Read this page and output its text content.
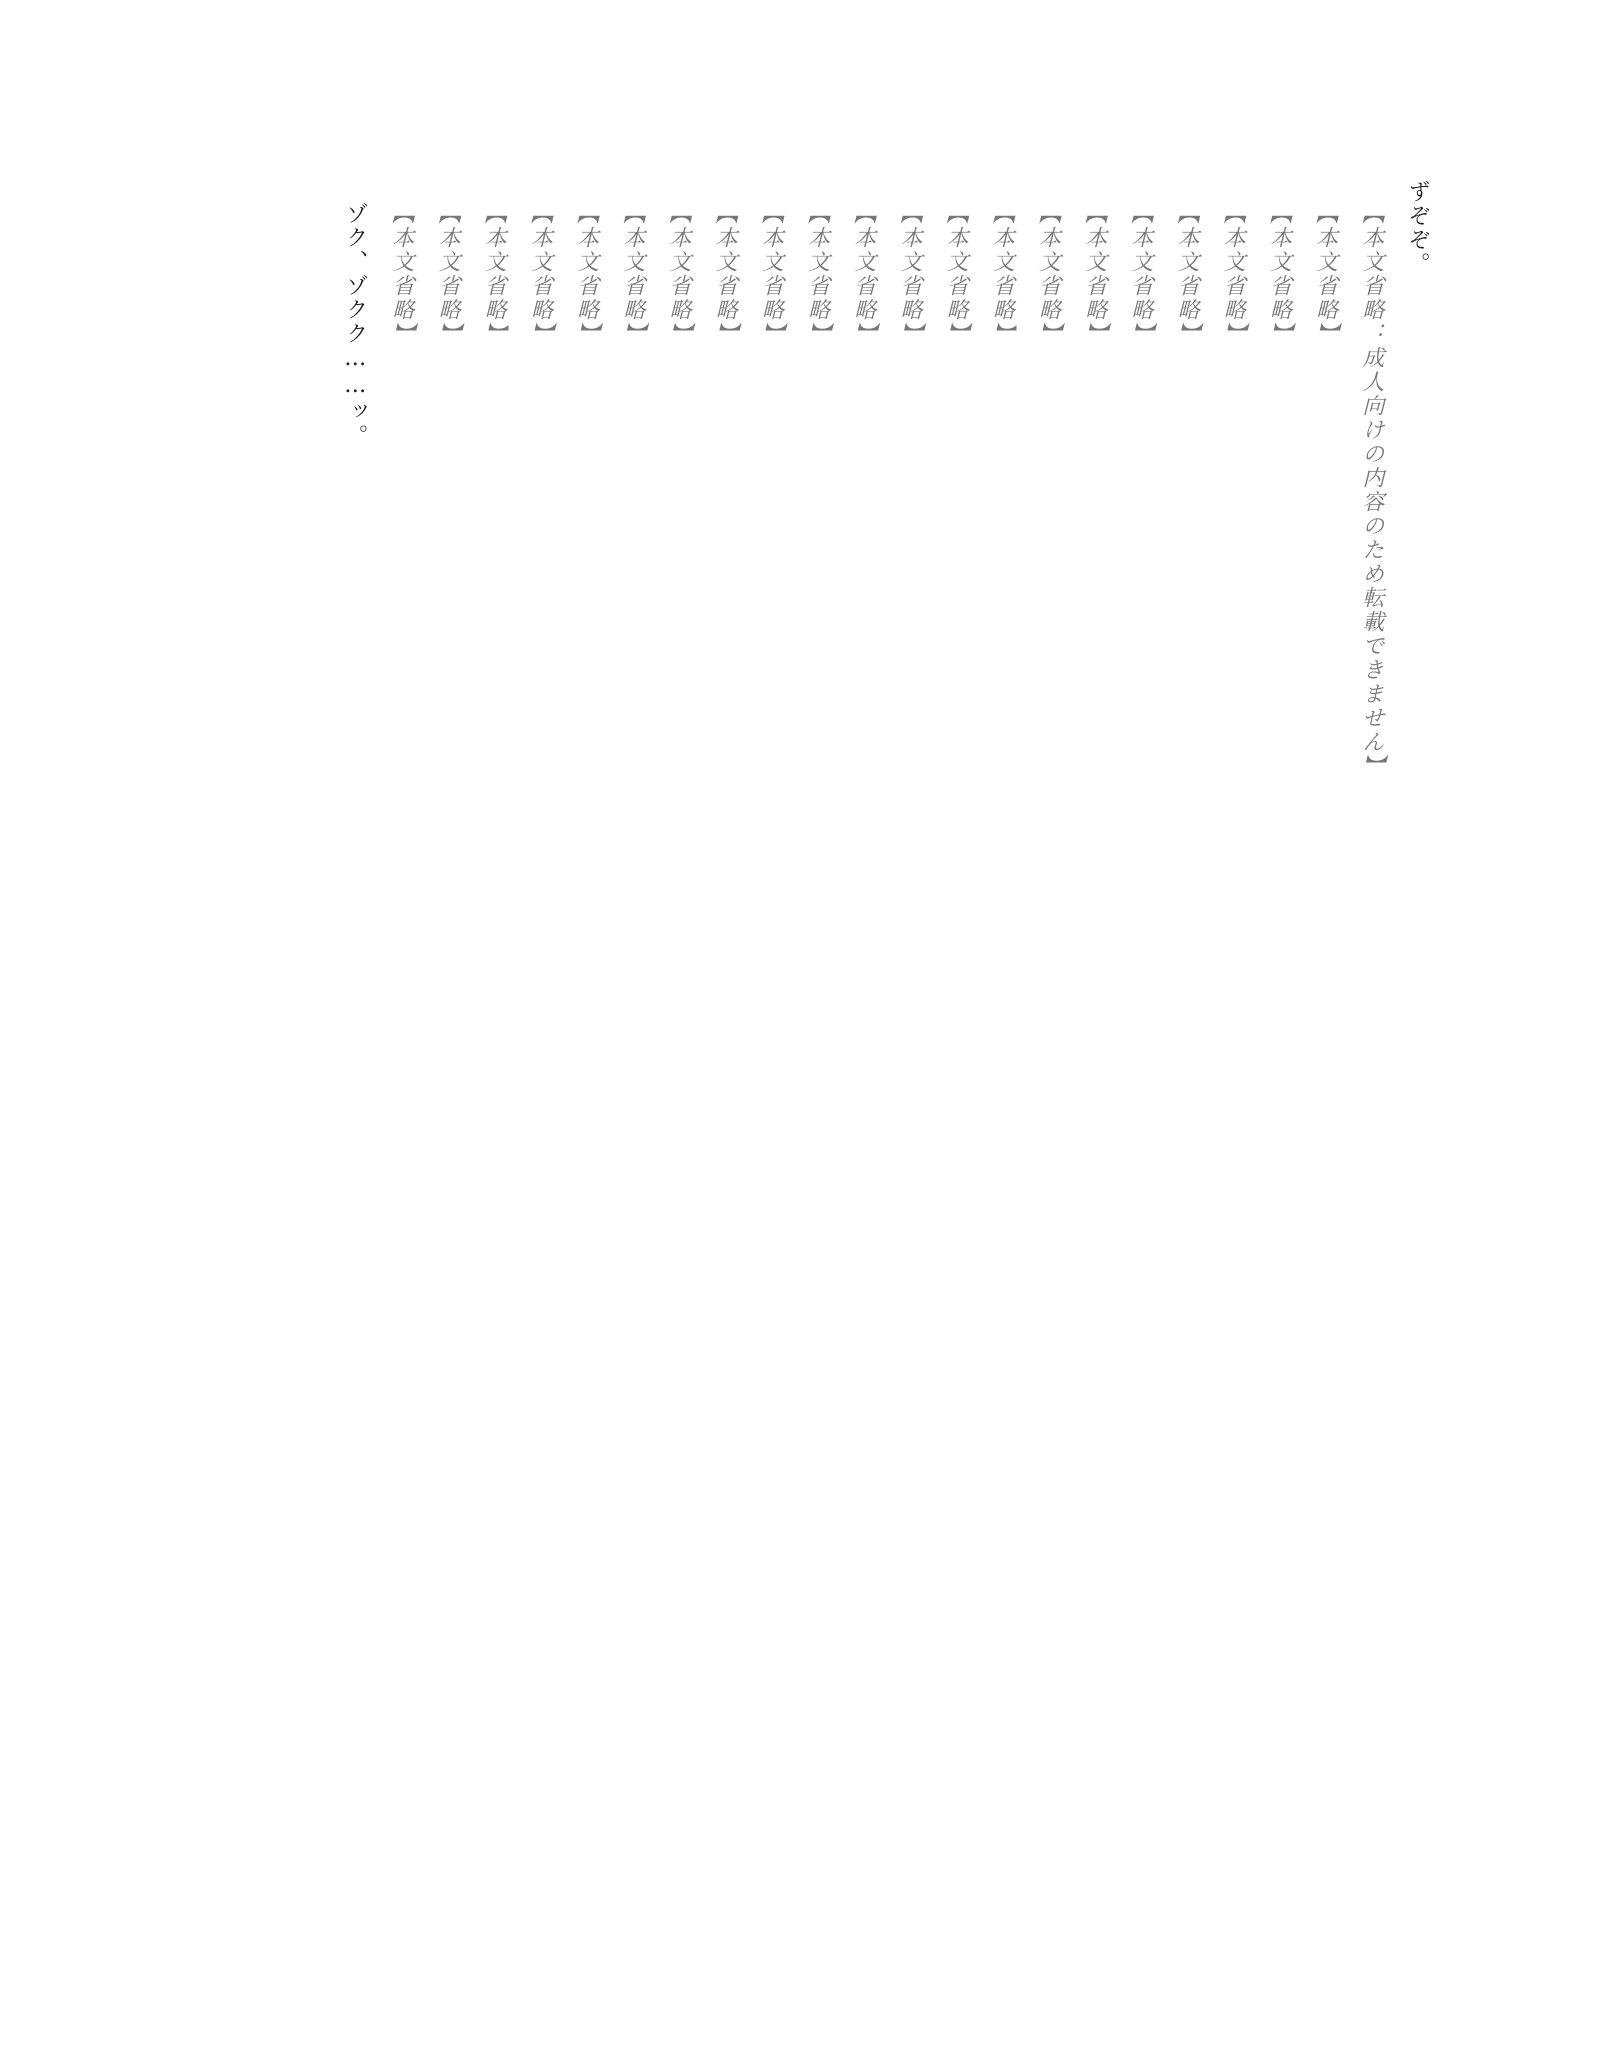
ずぞぞ。

【本文省略：成人向けの内容のため転載できません】

【本文省略】

【本文省略】

【本文省略】

【本文省略】

【本文省略】

【本文省略】

【本文省略】

【本文省略】

【本文省略】

【本文省略】

【本文省略】

【本文省略】

【本文省略】

【本文省略】

【本文省略】

【本文省略】

【本文省略】

【本文省略】

【本文省略】

【本文省略】

【本文省略】

ゾク、ゾクク……ッ。
